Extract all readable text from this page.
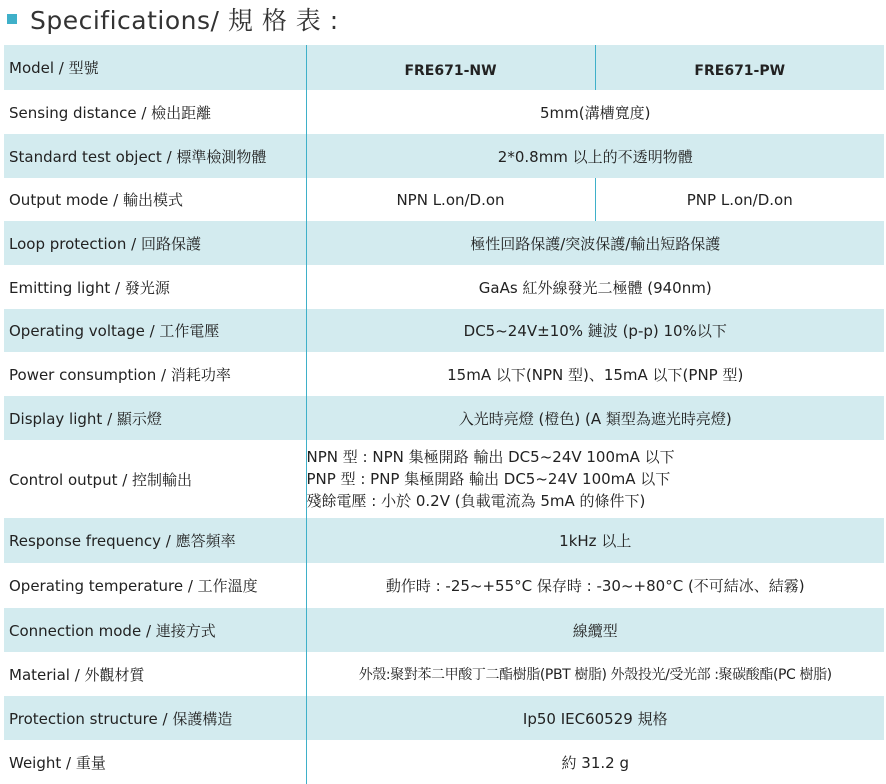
Specifications/ 規 格 表 :
Model / 型號	FRE671-NW	FRE671-PW
Sensing distance / 檢出距離	5mm(溝槽寬度)	
Standard test object / 標準檢測物體	2*0.8mm 以上的不透明物體	
Output mode / 輸出模式	NPN L.on/D.on	PNP L.on/D.on
Loop protection / 回路保護	極性回路保護/突波保護/輸出短路保護	
Emitting light / 發光源	GaAs 紅外線發光二極體 (940nm)	
Operating voltage / 工作電壓	DC5~24V±10% 鏈波 (p-p) 10%以下	
Power consumption / 消耗功率	15mA 以下(NPN 型)、15mA 以下(PNP 型)	
Display light / 顯示燈	入光時亮燈 (橙色) (A 類型為遮光時亮燈)	
Control output / 控制輸出	NPN 型 : NPN 集極開路 輸出 DC5~24V 100mA 以下
PNP 型 : PNP 集極開路 輸出 DC5~24V 100mA 以下
殘餘電壓 : 小於 0.2V (負載電流為 5mA 的條件下)	

Response frequency / 應答頻率	1kHz 以上	
Operating temperature / 工作溫度	動作時 : -25~+55°C 保存時 : -30~+80°C (不可結冰、結霧)	
Connection mode / 連接方式	線纜型	
Material / 外觀材質	外殼:聚對苯二甲酸丁二酯樹脂(PBT 樹脂) 外殼投光/受光部 :聚碳酸酯(PC 樹脂)	
Protection structure / 保護構造	Ip50 IEC60529 規格	
Weight / 重量	約 31.2 g	
